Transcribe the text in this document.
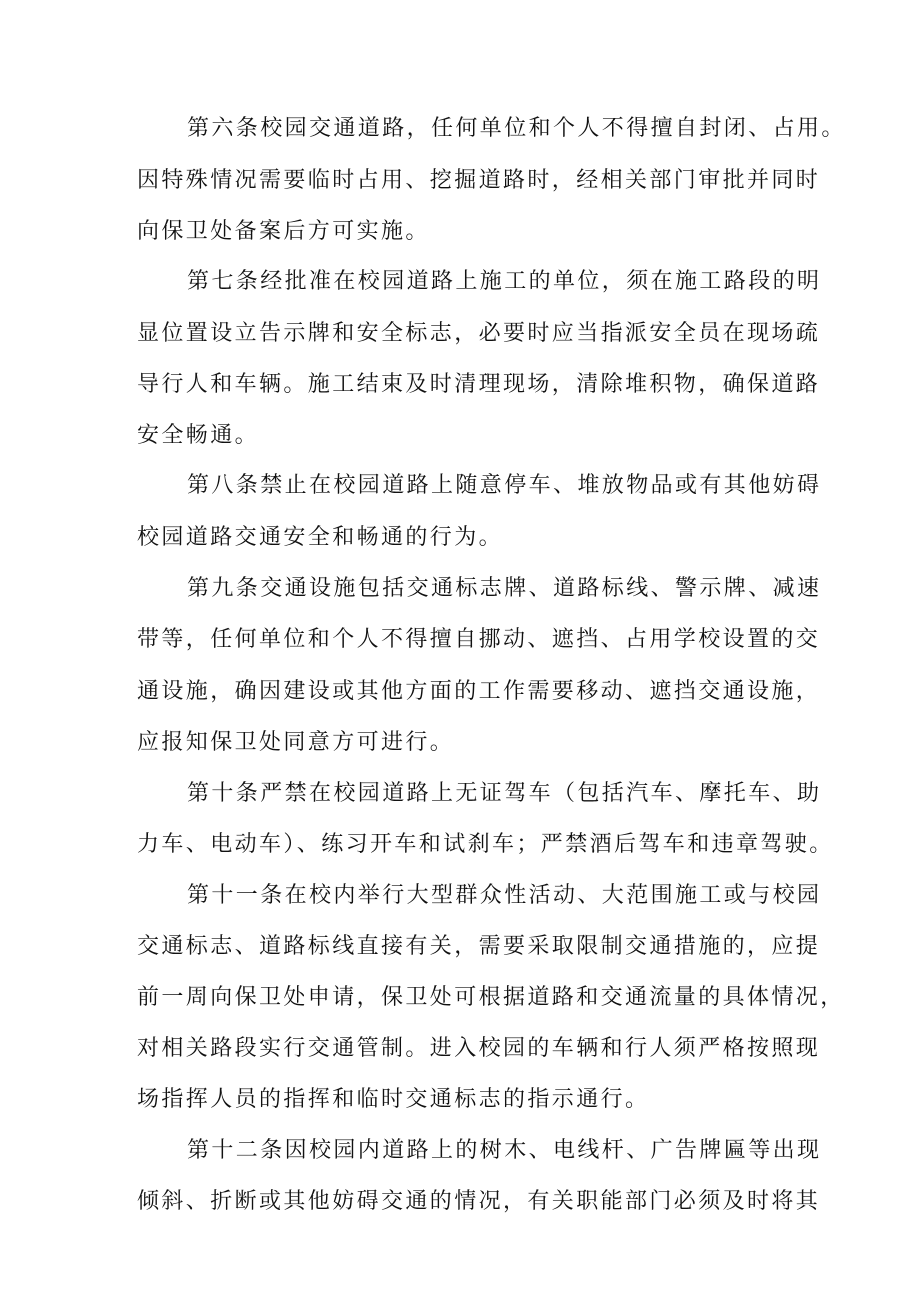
第六条校园交通道路，任何单位和个人不得擅自封闭、占用。
因特殊情况需要临时占用、挖掘道路时，经相关部门审批并同时
向保卫处备案后方可实施。
第七条经批准在校园道路上施工的单位，须在施工路段的明
显位置设立告示牌和安全标志，必要时应当指派安全员在现场疏
导行人和车辆。施工结束及时清理现场，清除堆积物，确保道路
安全畅通。
第八条禁止在校园道路上随意停车、堆放物品或有其他妨碍
校园道路交通安全和畅通的行为。
第九条交通设施包括交通标志牌、道路标线、警示牌、减速
带等，任何单位和个人不得擅自挪动、遮挡、占用学校设置的交
通设施，确因建设或其他方面的工作需要移动、遮挡交通设施，
应报知保卫处同意方可进行。
第十条严禁在校园道路上无证驾车（包括汽车、摩托车、助
力车、电动车）、练习开车和试刹车；严禁酒后驾车和违章驾驶。
第十一条在校内举行大型群众性活动、大范围施工或与校园
交通标志、道路标线直接有关，需要采取限制交通措施的，应提
前一周向保卫处申请，保卫处可根据道路和交通流量的具体情况，
对相关路段实行交通管制。进入校园的车辆和行人须严格按照现
场指挥人员的指挥和临时交通标志的指示通行。
第十二条因校园内道路上的树木、电线杆、广告牌匾等出现
倾斜、折断或其他妨碍交通的情况，有关职能部门必须及时将其
